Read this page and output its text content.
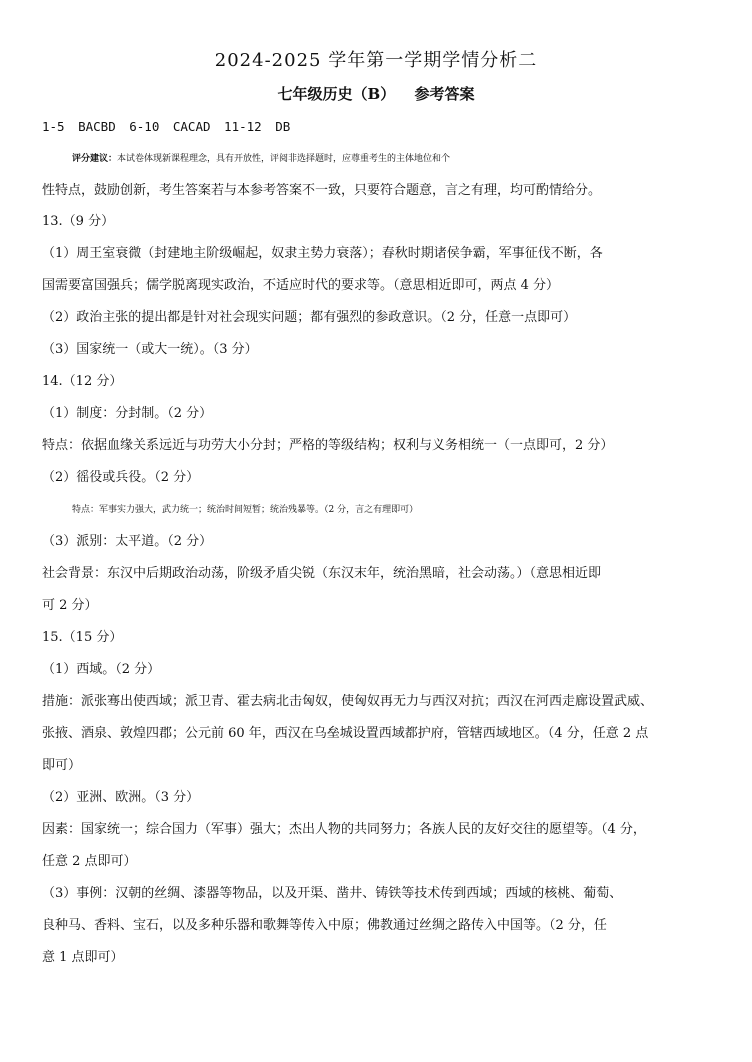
2024-2025 学年第一学期学情分析二
七年级历史（B） 参考答案
1-5 BACBD 6-10 CACAD 11-12 DB
评分建议：本试卷体现新课程理念，具有开放性，评阅非选择题时，应尊重考生的主体地位和个
性特点，鼓励创新，考生答案若与本参考答案不一致，只要符合题意，言之有理，均可酌情给分。
13.（9 分）
（1）周王室衰微（封建地主阶级崛起，奴隶主势力衰落）；春秋时期诸侯争霸，军事征伐不断，各
国需要富国强兵；儒学脱离现实政治，不适应时代的要求等。（意思相近即可，两点 4 分）
（2）政治主张的提出都是针对社会现实问题；都有强烈的参政意识。（2 分，任意一点即可）
（3）国家统一（或大一统）。（3 分）
14.（12 分）
（1）制度：分封制。（2 分）
特点：依据血缘关系远近与功劳大小分封；严格的等级结构；权利与义务相统一（一点即可，2 分）
（2）徭役或兵役。（2 分）
特点：军事实力强大，武力统一；统治时间短暂；统治残暴等。（2 分，言之有理即可）
（3）派别：太平道。（2 分）
社会背景：东汉中后期政治动荡，阶级矛盾尖锐（东汉末年，统治黑暗，社会动荡。）（意思相近即
可 2 分）
15.（15 分）
（1）西域。（2 分）
措施：派张骞出使西域；派卫青、霍去病北击匈奴，使匈奴再无力与西汉对抗；西汉在河西走廊设置武威、
张掖、酒泉、敦煌四郡；公元前 60 年，西汉在乌垒城设置西域都护府，管辖西域地区。（4 分，任意 2 点
即可）
（2）亚洲、欧洲。（3 分）
因素：国家统一；综合国力（军事）强大；杰出人物的共同努力；各族人民的友好交往的愿望等。（4 分，
任意 2 点即可）
（3）事例：汉朝的丝绸、漆器等物品，以及开渠、凿井、铸铁等技术传到西域；西域的核桃、葡萄、
良种马、香料、宝石，以及多种乐器和歌舞等传入中原；佛教通过丝绸之路传入中国等。（2 分，任
意 1 点即可）
